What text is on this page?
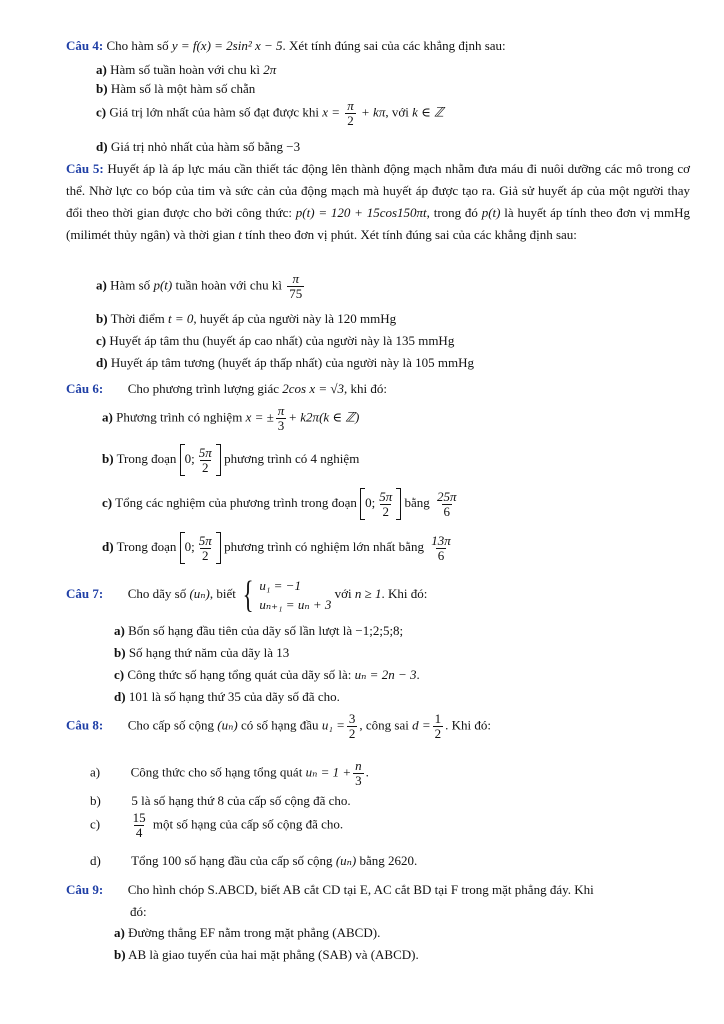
Câu 4: Cho hàm số y = f(x) = 2sin² x − 5. Xét tính đúng sai của các khẳng định sau:
a) Hàm số tuần hoàn với chu kì 2π
b) Hàm số là một hàm số chẵn
c) Giá trị lớn nhất của hàm số đạt được khi $x = \frac{\pi}{2} + k\pi$, với k ∈ ℤ
d) Giá trị nhỏ nhất của hàm số bằng −3
Câu 5: Huyết áp là áp lực máu cần thiết tác động lên thành động mạch nhằm đưa máu đi nuôi dưỡng các mô trong cơ thể. Nhờ lực co bóp của tim và sức cản của động mạch mà huyết áp được tạo ra. Giả sử huyết áp của một người thay đổi theo thời gian được cho bởi công thức: p(t) = 120 + 15cos150πt, trong đó p(t) là huyết áp tính theo đơn vị mmHg (milimét thủy ngân) và thời gian t tính theo đơn vị phút. Xét tính đúng sai của các khẳng định sau:
a) Hàm số p(t) tuần hoàn với chu kì $\frac{\pi}{75}$
b) Thời điểm t = 0, huyết áp của người này là 120 mmHg
c) Huyết áp tâm thu (huyết áp cao nhất) của người này là 135 mmHg
d) Huyết áp tâm tương (huyết áp thấp nhất) của người này là 105 mmHg
Câu 6: Cho phương trình lượng giác 2cos x = √3, khi đó:
a) Phương trình có nghiệm x = ± $\frac{\pi}{3} + k2\pi(k$ ∈ ℤ)
b) Trong đoạn 0; $\frac{5\pi}{2}$ phương trình có 4 nghiệm
c) Tổng các nghiệm của phương trình trong đoạn 0; $\frac{5\pi}{2}$ bằng $\frac{25\pi}{6}$
d) Trong đoạn 0; $\frac{5\pi}{2}$ phương trình có nghiệm lớn nhất bằng $\frac{13\pi}{6}$
Câu 7: Cho dãy số (uₙ), biết { u₁ = −1
uₙ₊₁ = uₙ + 3
với n ≥ 1. Khi đó:
a) Bốn số hạng đầu tiên của dãy số lần lượt là −1;2;5;8;
b) Số hạng thứ năm của dãy là 13
c) Công thức số hạng tổng quát của dãy số là: uₙ = 2n − 3.
d) 101 là số hạng thứ 35 của dãy số đã cho.
Câu 8: Cho cấp số cộng (uₙ) có số hạng đầu $u_1 = \frac{3}{2}$ , công sai $d = \frac{1}{2}$ . Khi đó:
a) Công thức cho số hạng tổng quát $u_n = 1 + \frac{n}{3}$ .
b) 5 là số hạng thứ 8 của cấp số cộng đã cho.
$c) \frac{15}{4}$ một số hạng của cấp số cộng đã cho.
d) Tổng 100 số hạng đầu của cấp số cộng (uₙ) bằng 2620.
Câu 9: Cho hình chóp S.ABCD, biết AB cắt CD tại E, AC cắt BD tại F trong mặt phẳng đáy. Khi
đó:
a) Đường thẳng EF nằm trong mặt phẳng (ABCD).
b) AB là giao tuyến của hai mặt phẳng (SAB) và (ABCD).
